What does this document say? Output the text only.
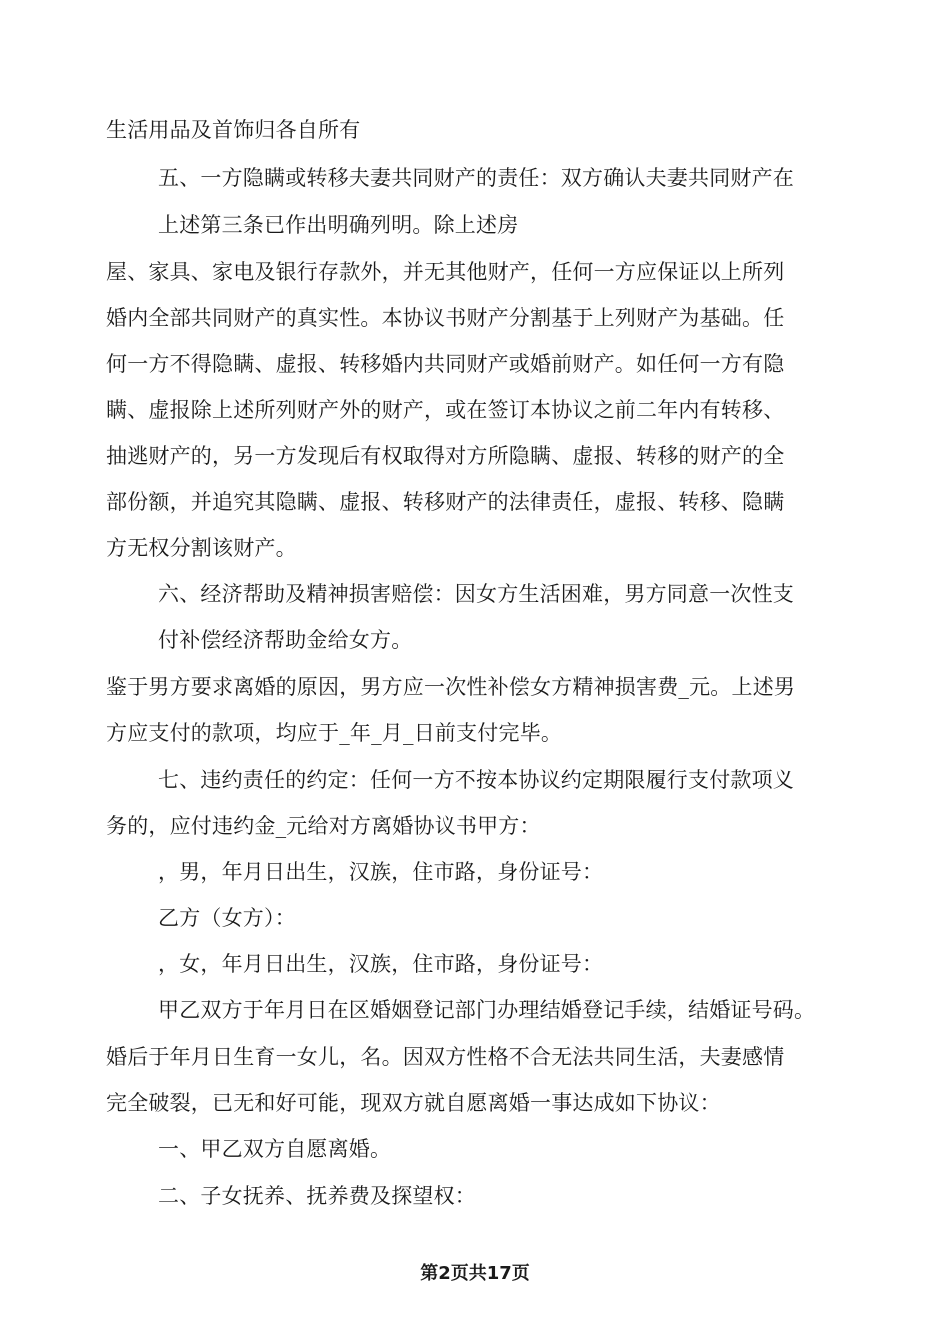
生活用品及首饰归各自所有
五、一方隐瞒或转移夫妻共同财产的责任：双方确认夫妻共同财产在
上述第三条已作出明确列明。除上述房
屋、家具、家电及银行存款外，并无其他财产，任何一方应保证以上所列
婚内全部共同财产的真实性。本协议书财产分割基于上列财产为基础。任
何一方不得隐瞒、虚报、转移婚内共同财产或婚前财产。如任何一方有隐
瞒、虚报除上述所列财产外的财产，或在签订本协议之前二年内有转移、
抽逃财产的，另一方发现后有权取得对方所隐瞒、虚报、转移的财产的全
部份额，并追究其隐瞒、虚报、转移财产的法律责任，虚报、转移、隐瞒
方无权分割该财产。
六、经济帮助及精神损害赔偿：因女方生活困难，男方同意一次性支
付补偿经济帮助金给女方。
鉴于男方要求离婚的原因，男方应一次性补偿女方精神损害费_元。上述男
方应支付的款项，均应于_年_月_日前支付完毕。
七、违约责任的约定：任何一方不按本协议约定期限履行支付款项义
务的，应付违约金_元给对方离婚协议书甲方：
，男，年月日出生，汉族，住市路，身份证号：
乙方（女方）：
，女，年月日出生，汉族，住市路，身份证号：
甲乙双方于年月日在区婚姻登记部门办理结婚登记手续，结婚证号码。
婚后于年月日生育一女儿，名。因双方性格不合无法共同生活，夫妻感情
完全破裂，已无和好可能，现双方就自愿离婚一事达成如下协议：
一、甲乙双方自愿离婚。
二、子女抚养、抚养费及探望权：
第2页共17页
